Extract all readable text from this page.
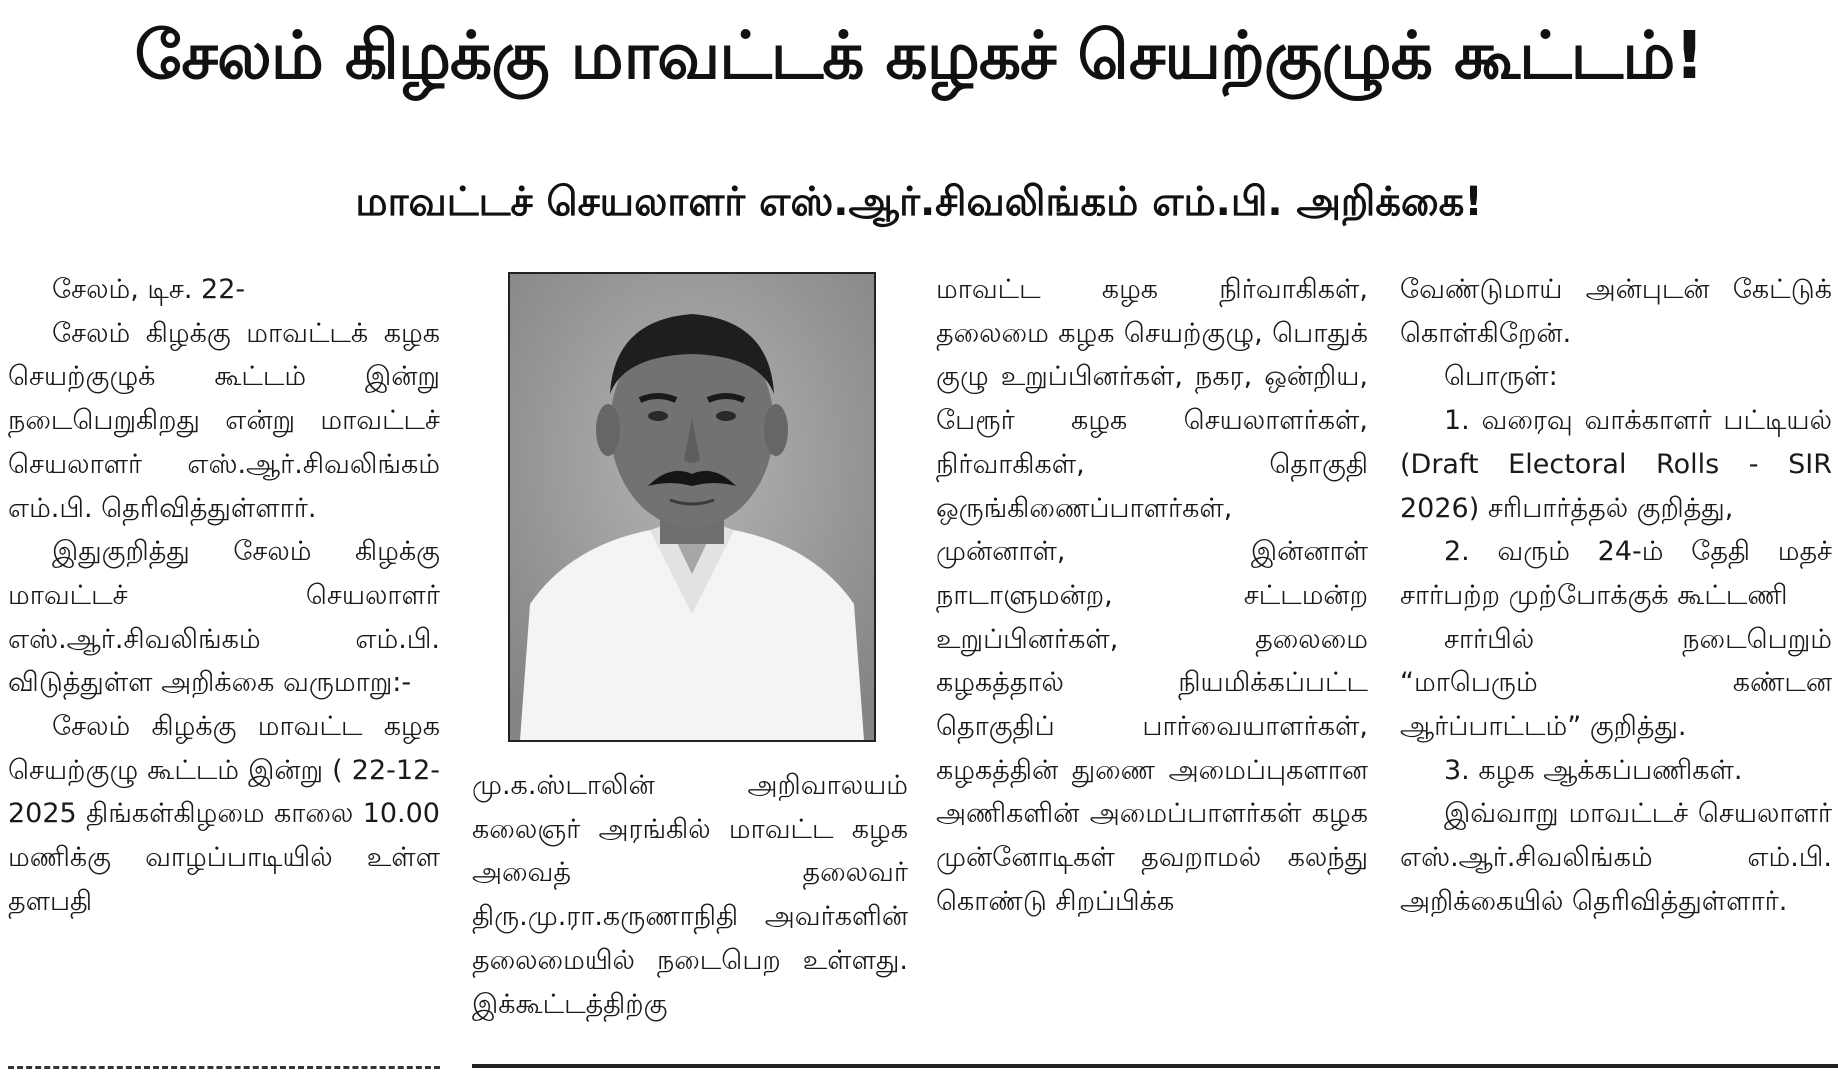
சேலம் கிழக்கு மாவட்டக் கழகச் செயற்குழுக் கூட்டம்!
மாவட்டச் செயலாளர் எஸ்.ஆர்.சிவலிங்கம் எம்.பி. அறிக்கை!

சேலம், டிச. 22-

சேலம் கிழக்கு மாவட்டக் கழக செயற்குழுக் கூட்டம் இன்று நடைபெறுகிறது என்று மாவட்டச் செயலாளர் எஸ்.ஆர்.சிவலிங்கம் எம்.பி. தெரிவித்துள்ளார்.

இதுகுறித்து சேலம் கிழக்கு மாவட்டச் செயலாளர் எஸ்.ஆர்.சிவலிங்கம் எம்.பி. விடுத்துள்ள அறிக்கை வருமாறு:-

சேலம் கிழக்கு மாவட்ட கழக செயற்குழு கூட்டம் இன்று ( 22-12-2025 திங்கள்கிழமை காலை 10.00 மணிக்கு வாழப்பாடியில் உள்ள தளபதி

மு.க.ஸ்டாலின் அறிவாலயம் கலைஞர் அரங்கில் மாவட்ட கழக அவைத் தலைவர் திரு.மு.ரா.கருணாநிதி அவர்களின் தலைமையில் நடைபெற உள்ளது. இக்கூட்டத்திற்கு

மாவட்ட கழக நிர்வாகிகள், தலைமை கழக செயற்குழு, பொதுக் குழு உறுப்பினர்கள், நகர, ஒன்றிய, பேரூர் கழக செயலாளர்கள், நிர்வாகிகள், தொகுதி ஒருங்கிணைப்பாளர்கள், முன்னாள், இன்னாள் நாடாளுமன்ற, சட்டமன்ற உறுப்பினர்கள், தலைமை கழகத்தால் நியமிக்கப்பட்ட தொகுதிப் பார்வையாளர்கள், கழகத்தின் துணை அமைப்புகளான அணிகளின் அமைப்பாளர்கள் கழக முன்னோடிகள் தவறாமல் கலந்து கொண்டு சிறப்பிக்க

வேண்டுமாய் அன்புடன் கேட்டுக் கொள்கிறேன்.

பொருள்:

1. வரைவு வாக்காளர் பட்டியல் (Draft Electoral Rolls - SIR 2026) சரிபார்த்தல் குறித்து,

2. வரும் 24-ம் தேதி மதச் சார்பற்ற முற்போக்குக் கூட்டணி

சார்பில் நடைபெறும் “மாபெரும் கண்டன ஆர்ப்பாட்டம்” குறித்து.

3. கழக ஆக்கப்பணிகள்.

இவ்வாறு மாவட்டச் செயலாளர் எஸ்.ஆர்.சிவலிங்கம் எம்.பி. அறிக்கையில் தெரிவித்துள்ளார்.
